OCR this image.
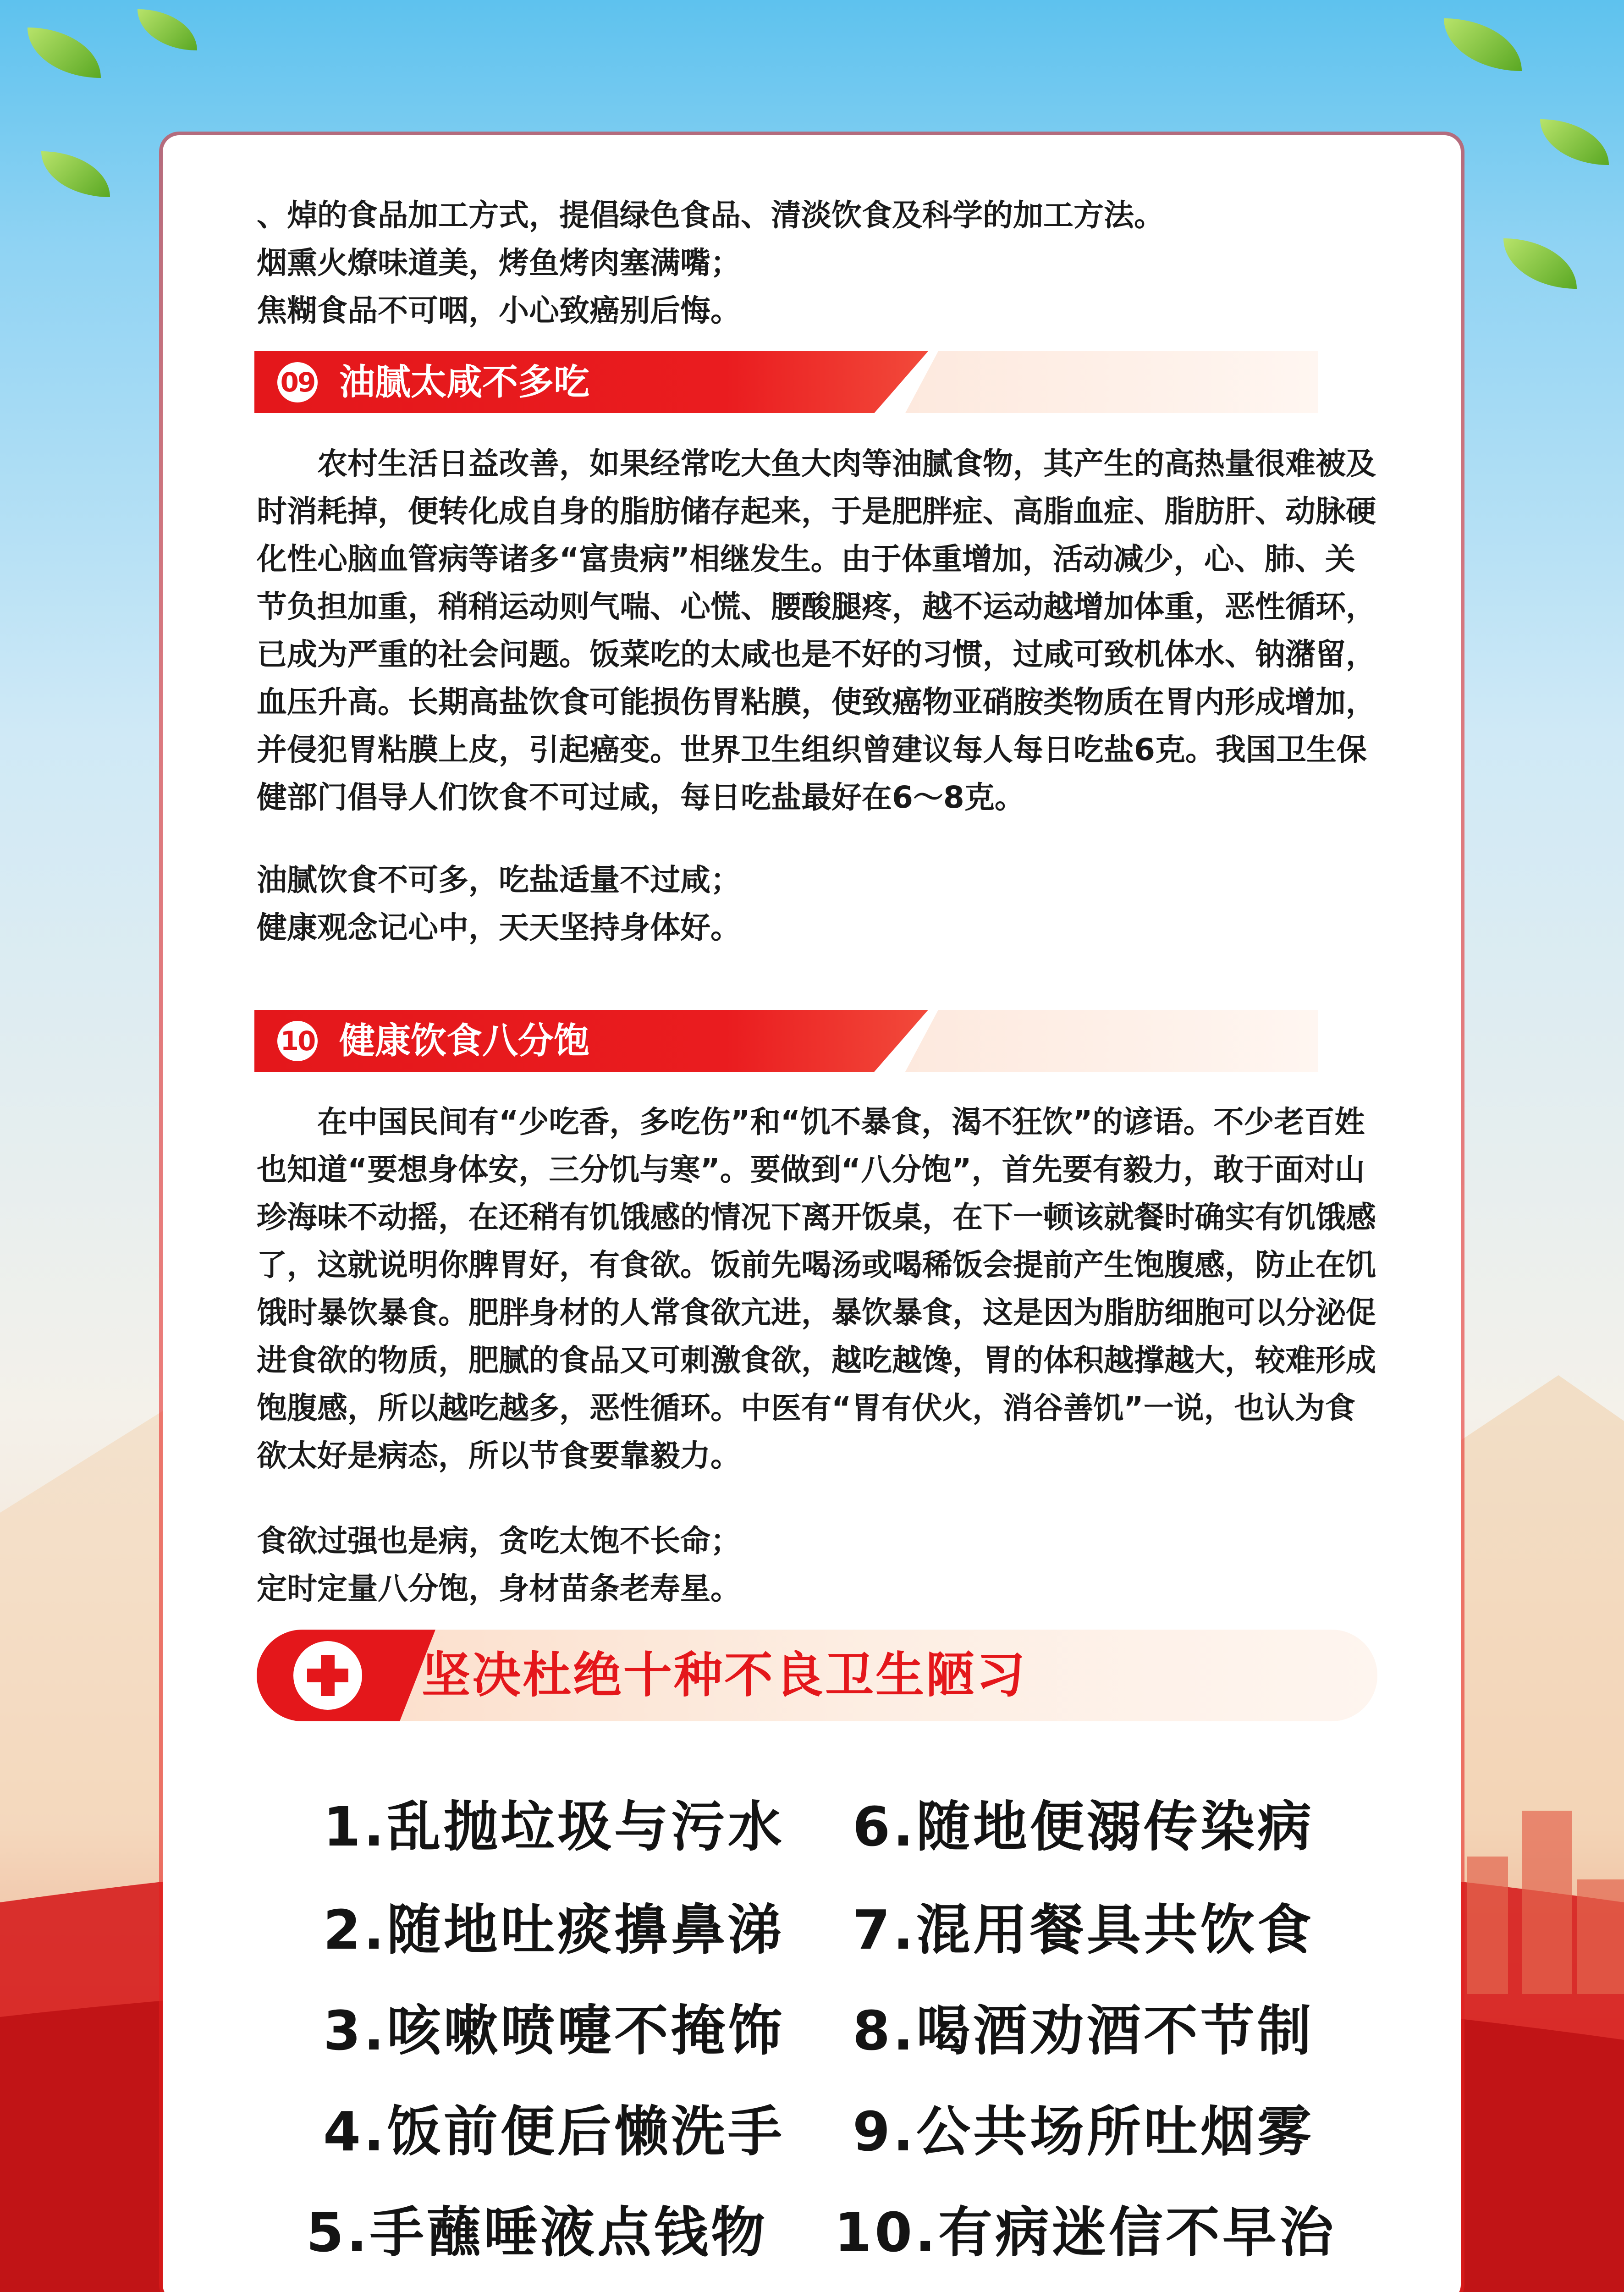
、焯的食品加工方式，提倡绿色食品、清淡饮食及科学的加工方法。

烟熏火燎味道美，烤鱼烤肉塞满嘴；

焦糊食品不可咽，小心致癌别后悔。

09 油腻太咸不多吃

农村生活日益改善，如果经常吃大鱼大肉等油腻食物，其产生的高热量很难被及时消耗掉，便转化成自身的脂肪储存起来，于是肥胖症、高脂血症、脂肪肝、动脉硬化性心脑血管病等诸多“富贵病”相继发生。由于体重增加，活动减少，心、肺、关节负担加重，稍稍运动则气喘、心慌、腰酸腿疼，越不运动越增加体重，恶性循环，已成为严重的社会问题。饭菜吃的太咸也是不好的习惯，过咸可致机体水、钠潴留，血压升高。长期高盐饮食可能损伤胃粘膜，使致癌物亚硝胺类物质在胃内形成增加，并侵犯胃粘膜上皮，引起癌变。世界卫生组织曾建议每人每日吃盐6克。我国卫生保健部门倡导人们饮食不可过咸，每日吃盐最好在6～8克。

油腻饮食不可多，吃盐适量不过咸；

健康观念记心中，天天坚持身体好。

10 健康饮食八分饱

在中国民间有“少吃香，多吃伤”和“饥不暴食，渴不狂饮”的谚语。不少老百姓也知道“要想身体安，三分饥与寒”。要做到“八分饱”，首先要有毅力，敢于面对山珍海味不动摇，在还稍有饥饿感的情况下离开饭桌，在下一顿该就餐时确实有饥饿感了，这就说明你脾胃好，有食欲。饭前先喝汤或喝稀饭会提前产生饱腹感，防止在饥饿时暴饮暴食。肥胖身材的人常食欲亢进，暴饮暴食，这是因为脂肪细胞可以分泌促进食欲的物质，肥腻的食品又可刺激食欲，越吃越馋，胃的体积越撑越大，较难形成饱腹感，所以越吃越多，恶性循环。中医有“胃有伏火，消谷善饥”一说，也认为食欲太好是病态，所以节食要靠毅力。

食欲过强也是病，贪吃太饱不长命；

定时定量八分饱，身材苗条老寿星。

坚决杜绝十种不良卫生陋习
1.乱抛垃圾与污水
2.随地吐痰擤鼻涕
3.咳嗽喷嚏不掩饰
4.饭前便后懒洗手
5.手蘸唾液点钱物
6.随地便溺传染病
7.混用餐具共饮食
8.喝酒劝酒不节制
9.公共场所吐烟雾
10.有病迷信不早治
